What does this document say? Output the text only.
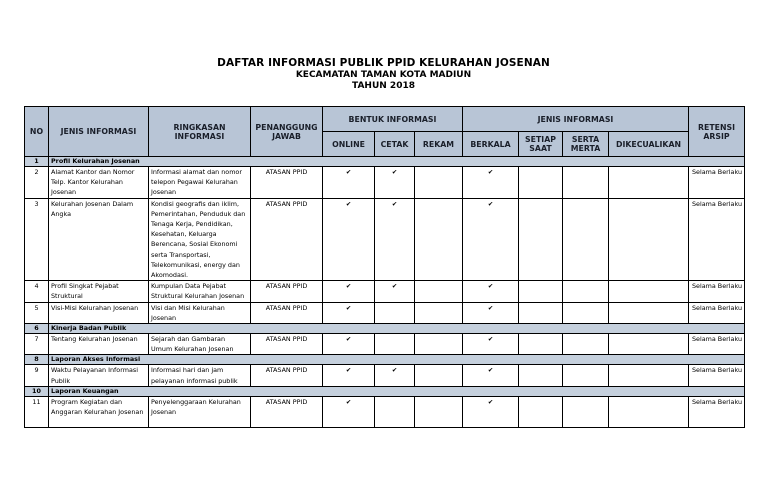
DAFTAR INFORMASI PUBLIK PPID KELURAHAN JOSENAN
KECAMATAN TAMAN KOTA MADIUN
TAHUN 2018
NO	JENIS INFORMASI	RINGKASAN INFORMASI	PENANGGUNG JAWAB	BENTUK INFORMASI			JENIS INFORMASI				RETENSI ARSIP
				ONLINE	CETAK	REKAM	BERKALA	SETIAP SAAT	SERTA MERTA	DIKECUALIKAN	
1	Profil Kelurahan Josenan										
2	Alamat Kantor dan Nomor Telp. Kantor Kelurahan Josenan	Informasi alamat dan nomor telepon Pegawai Kelurahan Josenan	ATASAN PPID	✔	✔		✔				Selama Berlaku
3	Kelurahan Josenan Dalam Angka	Kondisi geografis dan iklim, Pemerintahan, Penduduk dan Tenaga Kerja, Pendidikan, Kesehatan, Keluarga Berencana, Sosial Ekonomi serta Transportasi, Telekomunikasi, energy dan Akomodasi.	ATASAN PPID	✔	✔		✔				Selama Berlaku
4	Profil Singkat Pejabat Struktural	Kumpulan Data Pejabat Struktural Kelurahan Josenan	ATASAN PPID	✔	✔		✔				Selama Berlaku
5	Visi-Misi Kelurahan Josenan	Visi dan Misi Kelurahan Josenan	ATASAN PPID	✔			✔				Selama Berlaku
6	Kinerja Badan Publik										
7	Tentang Kelurahan Josenan	Sejarah dan Gambaran Umum Kelurahan Josenan	ATASAN PPID	✔			✔				Selama Berlaku
8	Laporan Akses Informasi										
9	Waktu Pelayanan Informasi Publik	Informasi hari dan jam pelayanan informasi publik	ATASAN PPID	✔	✔		✔				Selama Berlaku
10	Laporan Keuangan										
11	Program Kegiatan dan Anggaran Kelurahan Josenan	Penyelenggaraan Kelurahan Josenan	ATASAN PPID	✔			✔				Selama Berlaku
